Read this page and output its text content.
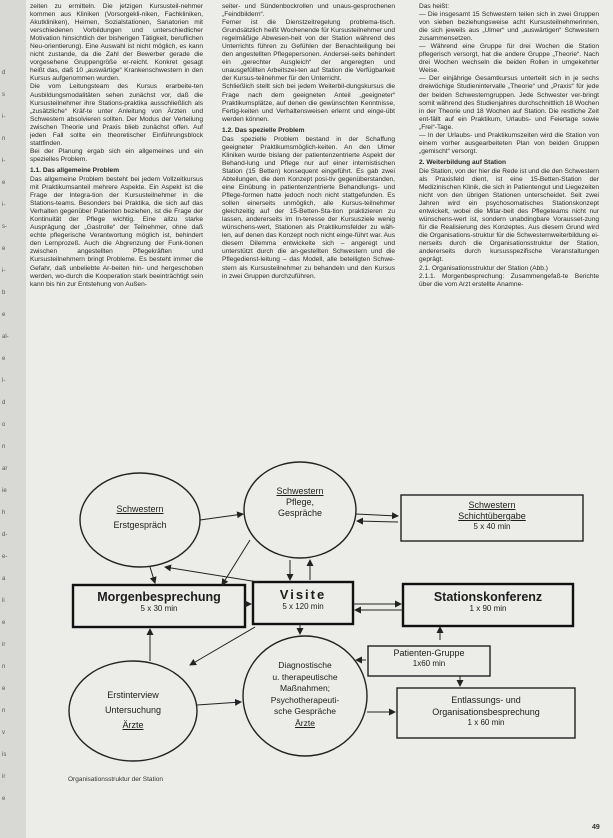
d
s
i-
n
i-
e
i-
s-
e
i-
b
e
al-
e
l-
d
o
n
ar
ie
h
d-
e-
a
li
e
ir
n
e
n
v
is
ir
e

zeiten zu ermitteln. Die jetzigen Kursusteil-nehmer kommen aus Kliniken (Vorsorgekli-niken, Fachkliniken, Akutkliniken), Heimen, Sozialstationen, Sanatorien mit verschiedenen Vorbildungen und unterschiedlicher Motivation hinsichtlich der bisherigen Tätigkeit, beruflichen Neu-orientierung). Eine Auswahl ist nicht möglich, es kann nicht zustande, da die Zahl der Bewerber gerade die vorgesehene Gruppengröße er-reicht. Konkret gesagt heißt das, daß 10 „auswärtige“ Krankenschwestern in den Kursus aufgenommen wurden.

Die vom Leitungsteam des Kursus erarbeite-ten Ausbildungsmodalitäten sehen zunächst vor, daß die Kursusteilnehmer ihre Stations-praktika ausschließlich als „zusätzliche“ Kräf-te unter Anleitung von Ärzten und Schwestern absolvieren sollten. Der Modus der Verteilung zwischen Theorie und Praxis blieb zunächst offen. Auf jeden Fall sollte ein theoretischer Einführungsblock stattfinden.

Bei der Planung ergab sich ein allgemeines und ein spezielles Problem.

1.1. Das allgemeine Problem

Das allgemeine Problem besteht bei jedem Vollzeitkursus mit Praktikumsanteil mehrere Aspekte. Ein Aspekt ist die Frage der Integra-tion der Kursusteilnehmer in die Stations-teams. Besonders bei Praktika, die sich auf das Verhalten gegenüber Patienten beziehen, ist die Frage der Kontinuität der Pflege wichtig. Eine allzu starke Ausprägung der „Gastrolle“ der Teilnehmer, ohne daß echte pflegerische Verantwortung möglich ist, behindert den Lernprozeß. Auch die Abgrenzung der Funk-tionen zwischen angestellten Pflegekräften und Kursusteilnehmern bringt Probleme. Es besteht immer die Gefahr, daß unbeliebte Ar-beiten hin- und hergeschoben werden, wo-durch die Kooperation stark beeinträchtigt sein kann bis hin zur Entstehung von Außen-

seiter- und Sündenbockrollen und unaus-gesprochenen „Feindbildern“.

Ferner ist die Dienstzeitregelung problema-tisch. Grundsätzlich heißt Wochenende für Kursusteilnehmer und regelmäßige Abwesen-heit von der Station während des Unterrichts führen zu Gefühlen der Benachteiligung bei den angestellten Pflegepersonen. Andersei-seits behindert ein „gerechter Ausgleich“ der angeregten und unausgefüllten Arbeitszei-ten auf Station die Verfügbarkeit der Kursus-teilnehmer für den Unterricht.

Schließlich stellt sich bei jedem Weiterbil-dungskursus die Frage nach dem geeigneten Anteil „geeigneter“ Praktikumsplätze, auf denen die gewünschten Kenntnisse, Fertig-keiten und Verhaltensweisen erlernt und einge-übt werden können.

1.2. Das spezielle Problem

Das spezielle Problem bestand in der Schaffung geeigneter Praktikumsmöglich-keiten. An den Ulmer Kliniken wurde bislang der patientenzentrierte Aspekt der Behand-lung und Pflege nur auf einer internistischen Station (15 Betten) konsequent eingeführt. Es gab zwei Abteilungen, die dem Konzept posi-tiv gegenüberstanden, eine Einübung in patientenzentrierte Behandlungs- und Pflege-formen hatte jedoch noch nicht stattgefunden. Es sollen einerseits unmöglich, alle Kursus-teilnehmer gleichzeitig auf der 15-Betten-Sta-tion praktizieren zu lassen, andererseits im In-teresse der Kursusziele wenig wünschens-wert, Stationen als Praktikumsfelder zu wäh-len, auf denen das Konzept noch nicht einge-führt war. Aus diesem Dilemma entwickelte sich – angeregt und unterstützt durch die an-gestellten Schwestern und die Pflegedienst-leitung – das Modell, alle beteiligten Schwe-stern als Kursusteilnehmer zu behandeln und den Kursus in zwei Gruppen durchzuführen.

Das heißt:

— Die insgesamt 15 Schwestern teilen sich in zwei Gruppen von sieben beziehungsweise acht Kursusteilnehmerinnen, die sich jeweils aus „Ulmer“ und „auswärtigen“ Schwestern zusammensetzen.

— Während eine Gruppe für drei Wochen die Station pflegerisch versorgt, hat die andere Gruppe „Theorie“. Nach drei Wochen wechseln die beiden Rollen in umgekehrter Weise.

— Der einjährige Gesamtkursus unterteilt sich in je sechs dreiwöchige Studienintervalle „Theorie“ und „Praxis“ für jede der beiden Schwesterngruppen. Jede Schwester ver-bringt somit während des Studienjahres durchschnittlich 18 Wochen in der Theorie und 18 Wochen auf Station. Die restliche Zeit ent-fällt auf ein Praktikum, Urlaubs- und Feiertage sowie „Frei“-Tage.

— In der Urlaubs- und Praktikumszeiten wird die Station von einem vorher ausgearbeiteten Plan von beiden Gruppen „gemischt“ versorgt.

2. Weiterbildung auf Station

Die Station, von der hier die Rede ist und die den Schwestern als Praxisfeld dient, ist eine 15-Betten-Station der Medizinischen Klinik, die sich in Patientengut und Liegezeiten nicht von den übrigen Stationen unterscheidet. Seit zwei Jahren wird ein psychosomatisches Stationskonzept entwickelt, wobei die Mitar-beit des Pflegeteams nicht nur wünschens-wert ist, sondern unabdingbare Vorausset-zung für die Realisierung des Konzeptes. Aus diesem Grund wird die Organisations-struktur für die Schwesternweiterbildung ei-nerseits durch die Organisationsstruktur der Station, andererseits durch kursusspezifische Veranstaltungen geprägt.

2.1. Organisationsstruktur der Station (Abb.)

2.1.1. Morgenbesprechung: Zusammengefaß-te Berichte über die vom Arzt erstellte Anamne-

Schwestern
Erstgespräch
Schwestern
Pflege,
Gespräche
Schwestern
Schichtübergabe
5 x 40 min
Morgenbesprechung
5 x 30 min
Visite
5 x 120 min
Stationskonferenz
1 x 90 min
Patienten-Gruppe
1x60 min
Diagnostische
u. therapeutische
Maßnahmen;
Psychotherapeuti-
sche Gespräche
Ärzte
Erstinterview
Untersuchung
Ärzte
Entlassungs- und
Organisationsbesprechung
1 x 60 min
Organisationsstruktur der Station
49
